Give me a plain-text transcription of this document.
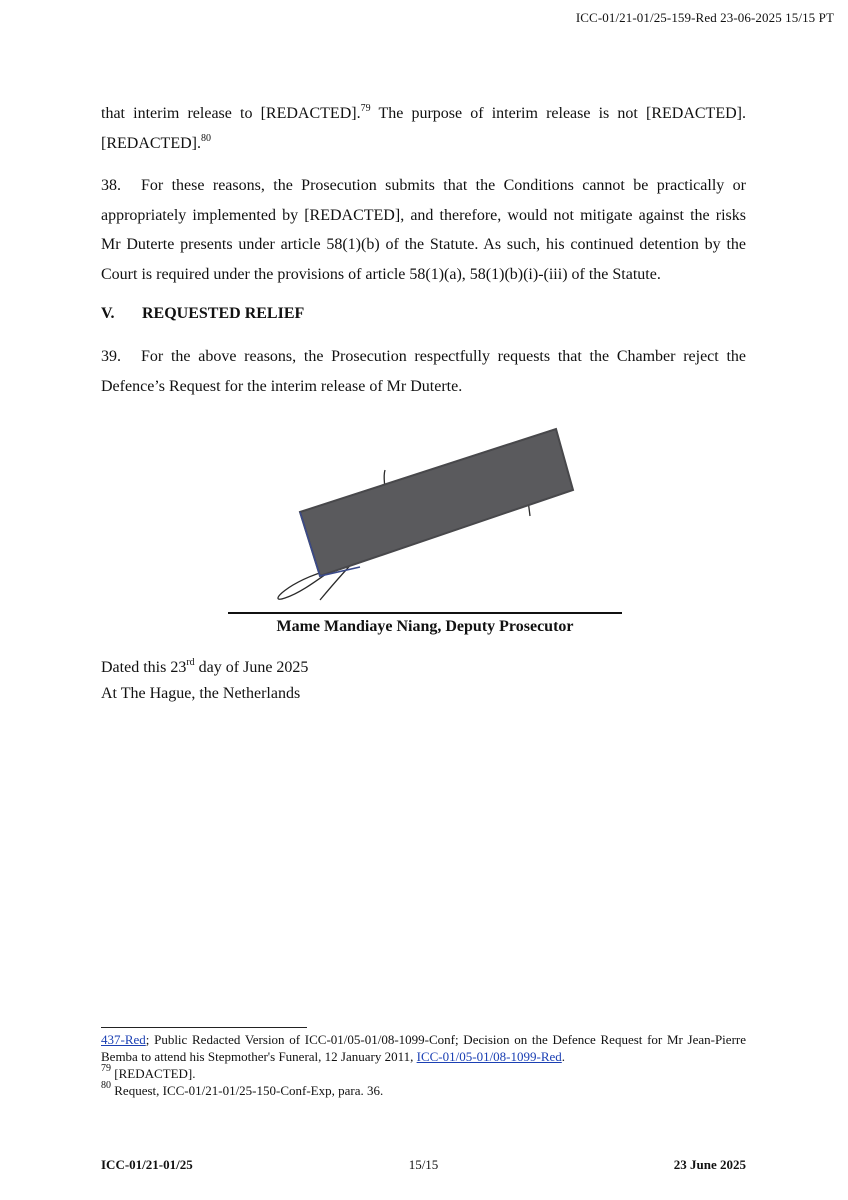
ICC-01/21-01/25-159-Red 23-06-2025 15/15 PT
that interim release to [REDACTED].$^{79}$ The purpose of interim release is not [REDACTED]. [REDACTED].$^{80}$
38. For these reasons, the Prosecution submits that the Conditions cannot be practically or appropriately implemented by [REDACTED], and therefore, would not mitigate against the risks Mr Duterte presents under article 58(1)(b) of the Statute. As such, his continued detention by the Court is required under the provisions of article 58(1)(a), 58(1)(b)(i)-(iii) of the Statute.
V. REQUESTED RELIEF
39. For the above reasons, the Prosecution respectfully requests that the Chamber reject the Defence’s Request for the interim release of Mr Duterte.
Mame Mandiaye Niang, Deputy Prosecutor
Dated this 23rd day of June 2025
At The Hague, the Netherlands
437-Red; Public Redacted Version of ICC-01/05-01/08-1099-Conf; Decision on the Defence Request for Mr Jean-Pierre Bemba to attend his Stepmother's Funeral, 12 January 2011, ICC-01/05-01/08-1099-Red.
$^{79}$ [REDACTED].
$^{80}$ Request, ICC-01/21-01/25-150-Conf-Exp, para. 36.
ICC-01/21-01/25	15/15	23 June 2025
